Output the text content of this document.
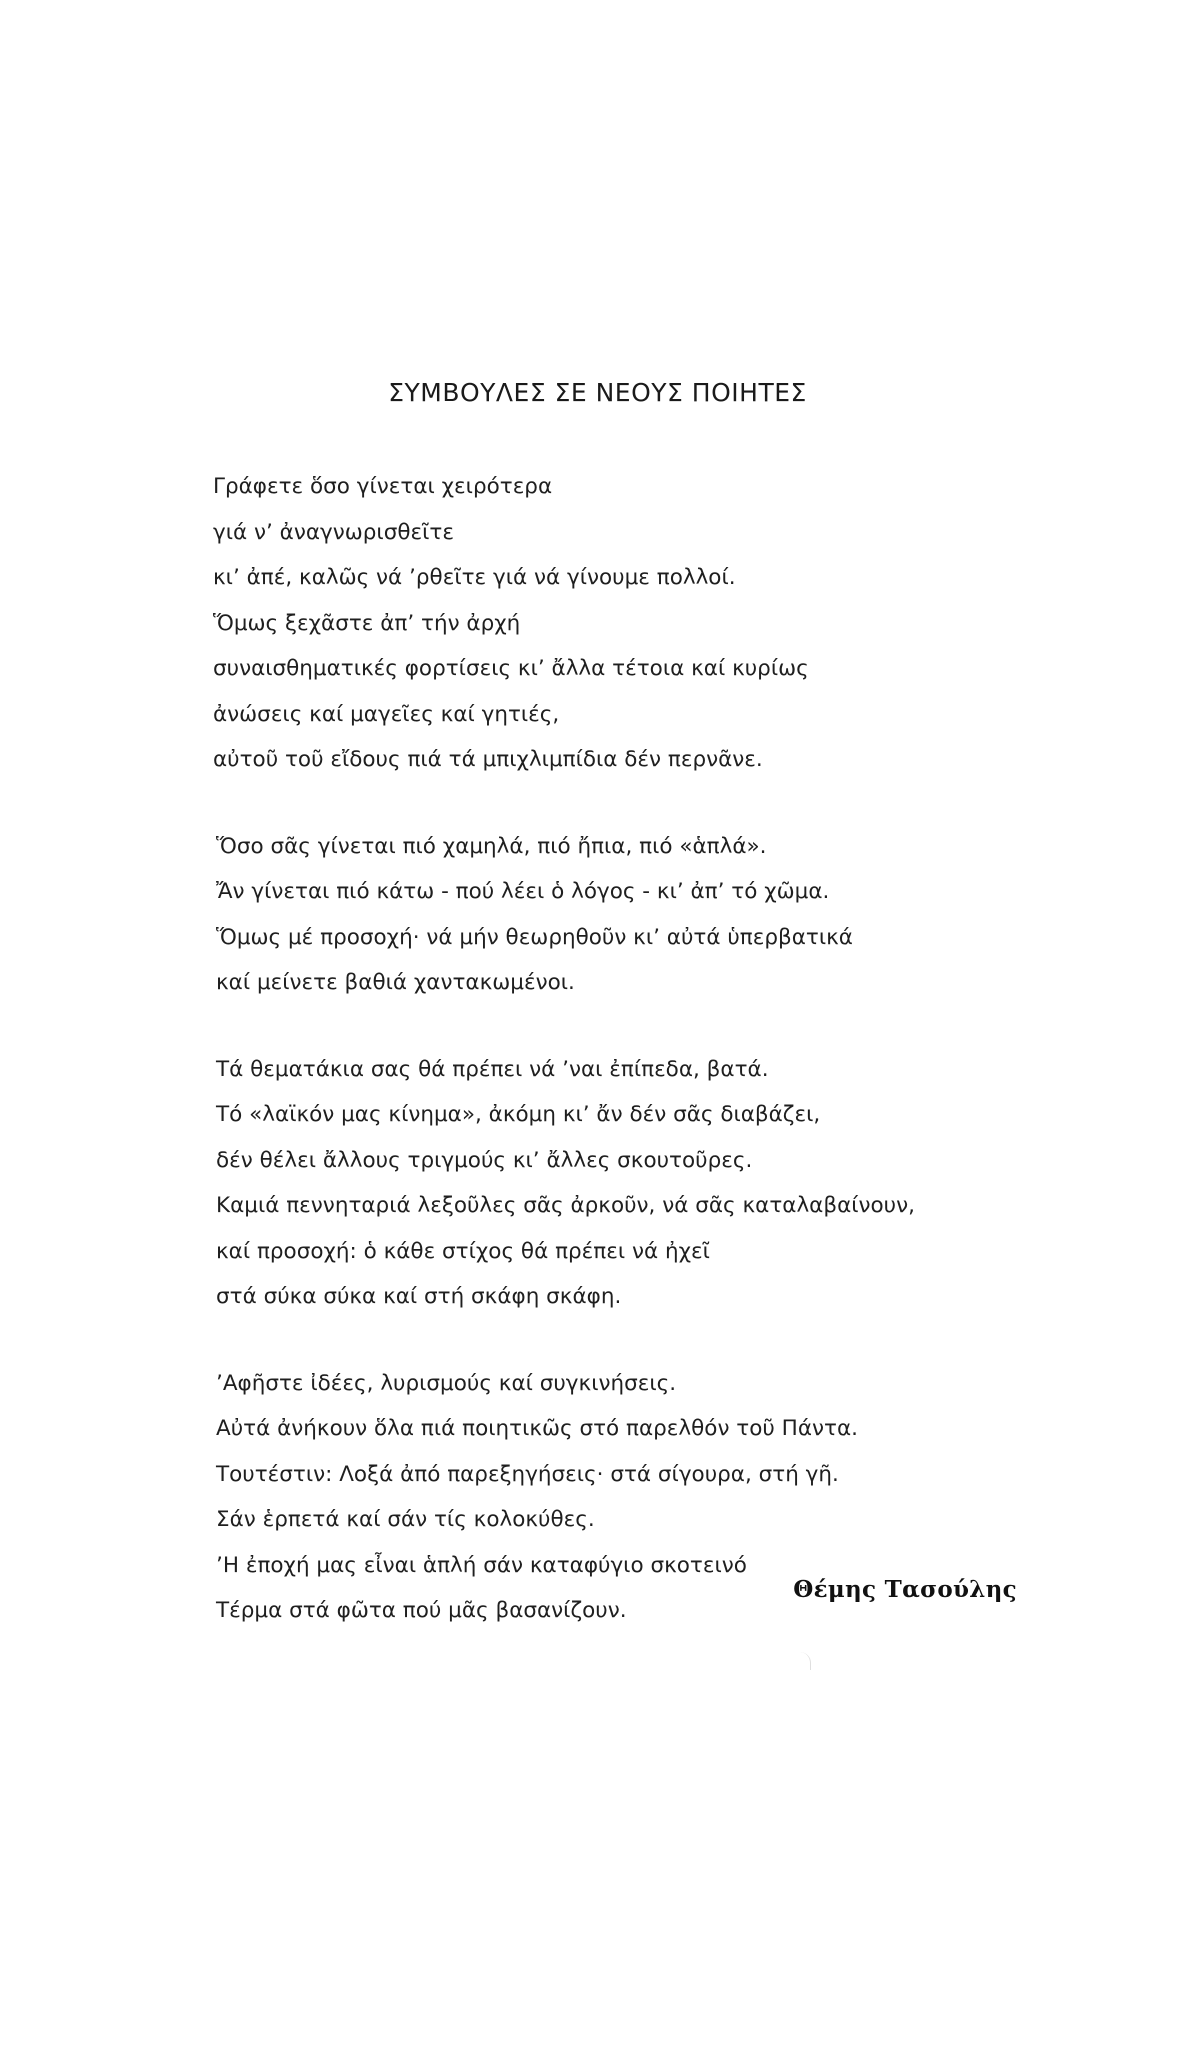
ΣΥΜΒΟΥΛΕΣ ΣΕ ΝΕΟΥΣ ΠΟΙΗΤΕΣ
Γράφετε ὅσο γίνεται χειρότερα
γιά ν’ ἀναγνωρισθεῖτε
κι’ ἀπέ, καλῶς νά ’ρθεῖτε γιά νά γίνουμε πολλοί.
Ὅμως ξεχᾶστε ἀπ’ τήν ἀρχή
συναισθηματικές φορτίσεις κι’ ἄλλα τέτοια καί κυρίως
ἀνώσεις καί μαγεῖες καί γητιές,
αὐτοῦ τοῦ εἴδους πιά τά μπιχλιμπίδια δέν περνᾶνε.
Ὅσο σᾶς γίνεται πιό χαμηλά, πιό ἤπια, πιό «ἁπλά».
Ἄν γίνεται πιό κάτω - πού λέει ὁ λόγος - κι’ ἀπ’ τό χῶμα.
Ὅμως μέ προσοχή· νά μήν θεωρηθοῦν κι’ αὐτά ὑπερβατικά
καί μείνετε βαθιά χαντακωμένοι.
Τά θεματάκια σας θά πρέπει νά ’ναι ἐπίπεδα, βατά.
Τό «λαϊκόν μας κίνημα», ἀκόμη κι’ ἄν δέν σᾶς διαβάζει,
δέν θέλει ἄλλους τριγμούς κι’ ἄλλες σκουτοῦρες.
Καμιά πεννηταριά λεξοῦλες σᾶς ἀρκοῦν, νά σᾶς καταλαβαίνουν,
καί προσοχή: ὁ κάθε στίχος θά πρέπει νά ἠχεῖ
στά σύκα σύκα καί στή σκάφη σκάφη.
’Αφῆστε ἰδέες, λυρισμούς καί συγκινήσεις.
Αὐτά ἀνήκουν ὅλα πιά ποιητικῶς στό παρελθόν τοῦ Πάντα.
Τουτέστιν: Λοξά ἀπό παρεξηγήσεις· στά σίγουρα, στή γῆ.
Σάν ἑρπετά καί σάν τίς κολοκύθες.
’Η ἐποχή μας εἶναι ἁπλή σάν καταφύγιο σκοτεινό
Τέρμα στά φῶτα πού μᾶς βασανίζουν.
Θέμης Τασούλης
